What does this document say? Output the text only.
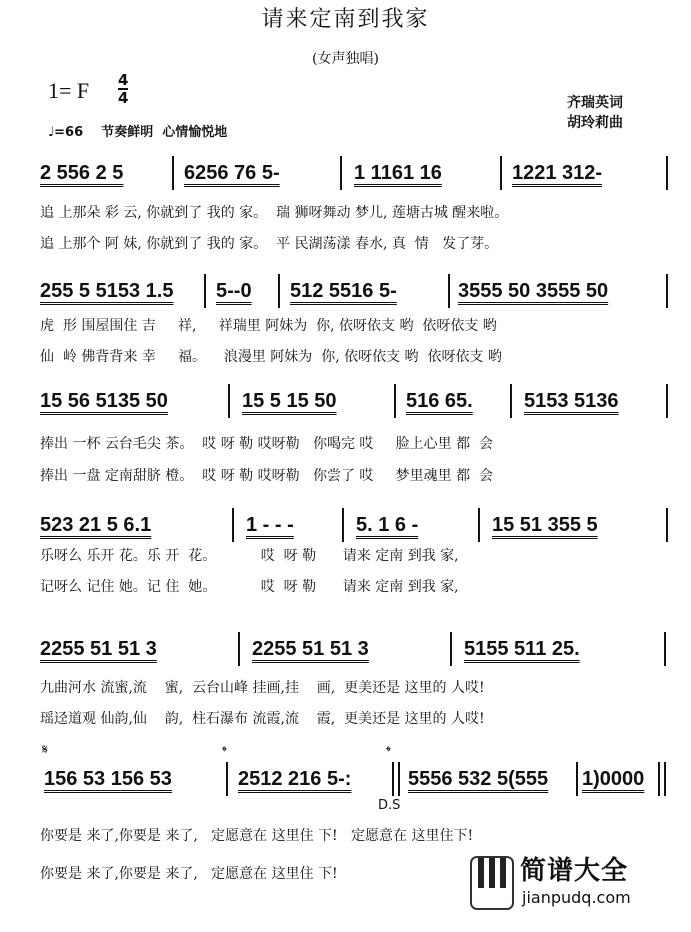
请来定南到我家
(女声独唱)
1= F 4
4	齐瑞英词
胡玲莉曲
♩=66    节奏鲜明  心情愉悦地
2 556 2 5	6256 76 5-	1 1161 16	1221 312-
追 上那朵 彩 云, 你就到了 我的 家。  瑞 狮呀舞动 梦儿, 莲塘古城 醒来啦。
追 上那个 阿 妹, 你就到了 我的 家。  平 民湖荡漾 春水, 真  情   发了芽。
255 5 5153 1.5	5--0	512 5516 5-	3555 50 3555 50
虎  形 围屋围住 吉     祥,     祥瑞里 阿妹为  你, 依呀依支 哟  依呀依支 哟
仙  岭 佛背背来 幸     福。    浪漫里 阿妹为  你, 依呀依支 哟  依呀依支 哟
15 56 5135 50	15 5 15 50	516 65.	5153 5136
捧出 一杯 云台毛尖 茶。  哎 呀 勒 哎呀勒   你喝完 哎     脸上心里 都  会
捧出 一盘 定南甜脐 橙。  哎 呀 勒 哎呀勒   你尝了 哎     梦里魂里 都  会
523 21 5 6.1	1 - - -	5. 1 6 -	15 51 355 5
乐呀么 乐开 花。乐 开  花。          哎  呀 勒      请来 定南 到我 家,
记呀么 记住 她。记 住  她。          哎  呀 勒      请来 定南 到我 家,
2255 51 51 3	2255 51 51 3	5155 511 25.
九曲河水 流蜜,流    蜜,  云台山峰 挂画,挂    画,  更美还是 这里的 人哎!
瑶迳道观 仙韵,仙    韵,  柱石瀑布 流霞,流    霞,  更美还是 这里的 人哎!
𝄋	𝄌	𝄌
156 53 156 53	2512 216 5-:	5556 532 5(555	1)0000
D.S
你要是 来了,你要是 来了,   定愿意在 这里住 下!   定愿意在 这里住下!
你要是 来了,你要是 来了,   定愿意在 这里住 下!

	简谱大全

jianpudq.com
